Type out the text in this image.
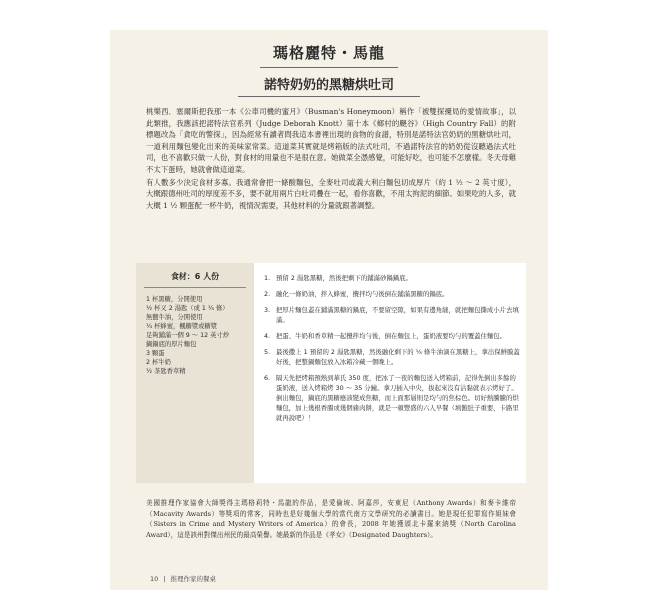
瑪格麗特・馬龍
諾特奶奶的黑糖烘吐司

桃樂西．塞爾斯把我那一本《公車司機的蜜月》（Busman's Honeymoon）稱作「被雙探擾局的愛情故事」，以此類推，我應該把諾特法官系列（Judge Deborah Knott）第十本《鄉村的颶谷》（High Country Fall）的附標題改為「貪吃的警探」，因為經常有讀者問我這本書裡出現的食物的食譜，特別是諾特法官奶奶的黑糖烘吐司，一道利用麵包變化出來的美味家常菜。這道菜其實就是烤箱版的法式吐司，不過諾特法官的奶奶從沒聽過法式吐司，也不喜歡只做一人份，對食材的用量也不是很在意。她做菜全憑感覺，可能好吃，也可能不怎麼樣。冬天母雞不太下蛋時，她就會做這道菜。

有人數多少決定食材多寡。我通常會把一條酸麵包，全麥吐司或義大利白麵包切成厚片（約 1 ½ ～ 2 英寸度），大概跟德州吐司的厚度差不多，要不就用兩片白吐司疊在一起，看你喜歡，不用太拘泥的細節。如果吃的人多，就大概 1 ½ 顆蛋配一杯牛奶，視情況需要，其他材料的分量就跟著調整。

食材：6 人份
1 杯黑糖，分開使用
½ 杯又 2 湯匙（或 1 ¼ 條）
無鹽牛油，分開使用
¼ 杯蜂蜜，楓糖漿或糖漿
足夠鋪滿一個 9 ～ 12 英寸炒
鍋鍋底的厚片麵包
3 顆蛋
2 杯牛奶
½ 茶匙香草精
1. 預留 2 湯匙黑糖，然後把剩下的鋪滿砂鍋鍋底。
2. 融化一條奶油，拌入蜂蜜，攪拌均勻後倒在鋪滿黑糖的鍋底。
3. 把厚片麵包蓋在鋪滿黑糖的鍋底，不要留空隙，如果有邊角縫，就把麵包撕成小片去填滿。
4. 把蛋、牛奶和香草精一起攪拌均勻後，倒在麵包上，蛋奶液要均勻的覆蓋住麵包。
5. 最後撒上 1 預留的 2 湯匙黑糖，然後融化剩下的 ¼ 條牛油滴在黑糖上，拿出保鮮膜蓋好後，把整鍋麵包放入冰箱冷藏一個晚上。
6. 隔天先把烤箱預熱到華氏 350 度，把冰了一夜的麵包送入烤箱前，記得先倒出多餘的蛋奶液，送入烤箱烤 30 ～ 35 分鐘。拿刀插入中央，拔起來沒有沾黏就表示烤好了。倒出麵包，鍋底的黑糖應該變成焦糖，而上面那層則是均勻的焦棕色。切好熱騰騰的烘麵包，加上幾根香腸或幾個豬肉餅，就是一頓豐盛的六人早餐（填飽肚子重要，卡路里就再說吧）！

美國推理作家協會大師獎得主瑪格莉特・馬龍的作品，是愛倫坡、阿嘉莎，安東尼（Anthony Awards）和麥卡維帝（Macavity Awards）等獎項的常客，同時也是好幾個大學的當代南方文學研究的必讀書目。她是現任犯罪寫作姐妹會（Sisters in Crime and Mystery Writers of America）的會長，2008 年她獲頒北卡羅來納獎（North Carolina Award），這是該州對傑出州民的最高榮譽。她最新的作品是《孝女》（Designated Daughters）。

10 | 推理作家的餐桌
